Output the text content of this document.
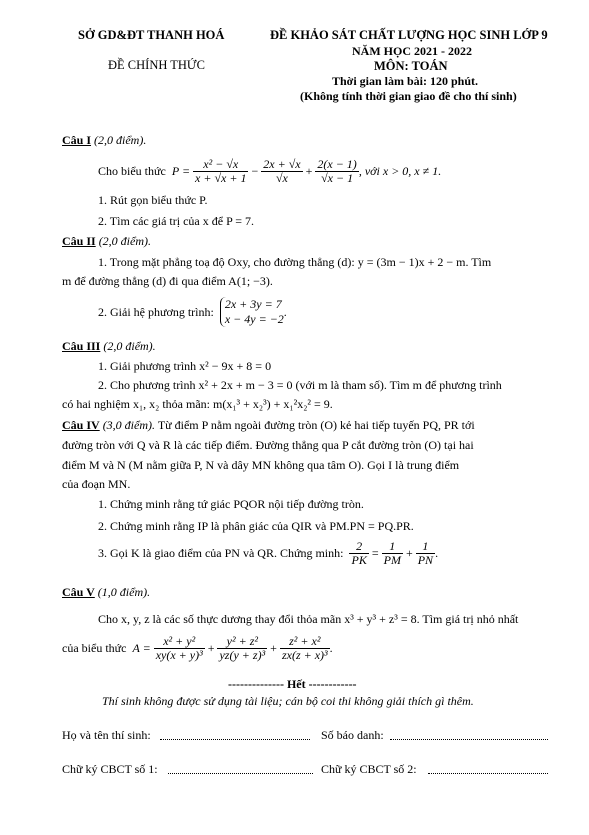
SỞ GD&ĐT THANH HOÁ
ĐỀ CHÍNH THỨC
ĐỀ KHẢO SÁT CHẤT LƯỢNG HỌC SINH LỚP 9
NĂM HỌC 2021 - 2022
MÔN: TOÁN
Thời gian làm bài: 120 phút.
(Không tính thời gian giao đề cho thí sinh)
Câu I (2,0 điểm).
Cho biểu thức $P = \frac{\text{x² − √x}}{x + √x + 1} - \frac{2x + √x}{√x} + \frac{2(x - 1)}{√x - 1}$ , với x > 0, x ≠ 1.
1. Rút gọn biểu thức P.
2. Tìm các giá trị của x để P = 7.
Câu II (2,0 điểm).
1. Trong mặt phẳng toạ độ Oxy, cho đường thẳng (d): y = (3m − 1)x + 2 − m. Tìm
m để đường thẳng (d) đi qua điểm A(1; −3).
2. Giải hệ phương trình:
2x + 3y = 7
x − 4y = −2
.
Câu III (2,0 điểm).
1. Giải phương trình x² − 9x + 8 = 0
2. Cho phương trình x² + 2x + m − 3 = 0 (với m là tham số). Tìm m để phương trình
có hai nghiệm x₁, x₂ thỏa mãn: m(x₁³ + x₂³) + x₁²x₂² = 9.
Câu IV (3,0 điểm). Từ điểm P nằm ngoài đường tròn (O) kẻ hai tiếp tuyến PQ, PR tới
đường tròn với Q và R là các tiếp điểm. Đường thẳng qua P cắt đường tròn (O) tại hai
điểm M và N (M nằm giữa P, N và dây MN không qua tâm O). Gọi I là trung điểm
của đoạn MN.
1. Chứng minh rằng tứ giác PQOR nội tiếp đường tròn.
2. Chứng minh rằng IP là phân giác của QIR và PM.PN = PQ.PR.
3. Gọi K là giao điểm của PN và QR. Chứng minh: $\frac{2}{PK} = \frac{1}{PM} + \frac{1}{PN}$ .
Câu V (1,0 điểm).
Cho x, y, z là các số thực dương thay đổi thỏa mãn x³ + y³ + z³ = 8. Tìm giá trị nhỏ nhất
của biểu thức $A = \frac{\text{x² + y²}}{\text{xy(x + y)³}} + \frac{\text{y² + z²}}{\text{yz(y + z)³}} + \frac{\text{z² + x²}}{\text{zx(z + x)³}}$ .
-------------- Hết ------------
Thí sinh không được sử dụng tài liệu; cán bộ coi thi không giải thích gì thêm.
Họ và tên thí sinh:	Số báo danh:
Chữ ký CBCT số 1:	Chữ ký CBCT số 2:
